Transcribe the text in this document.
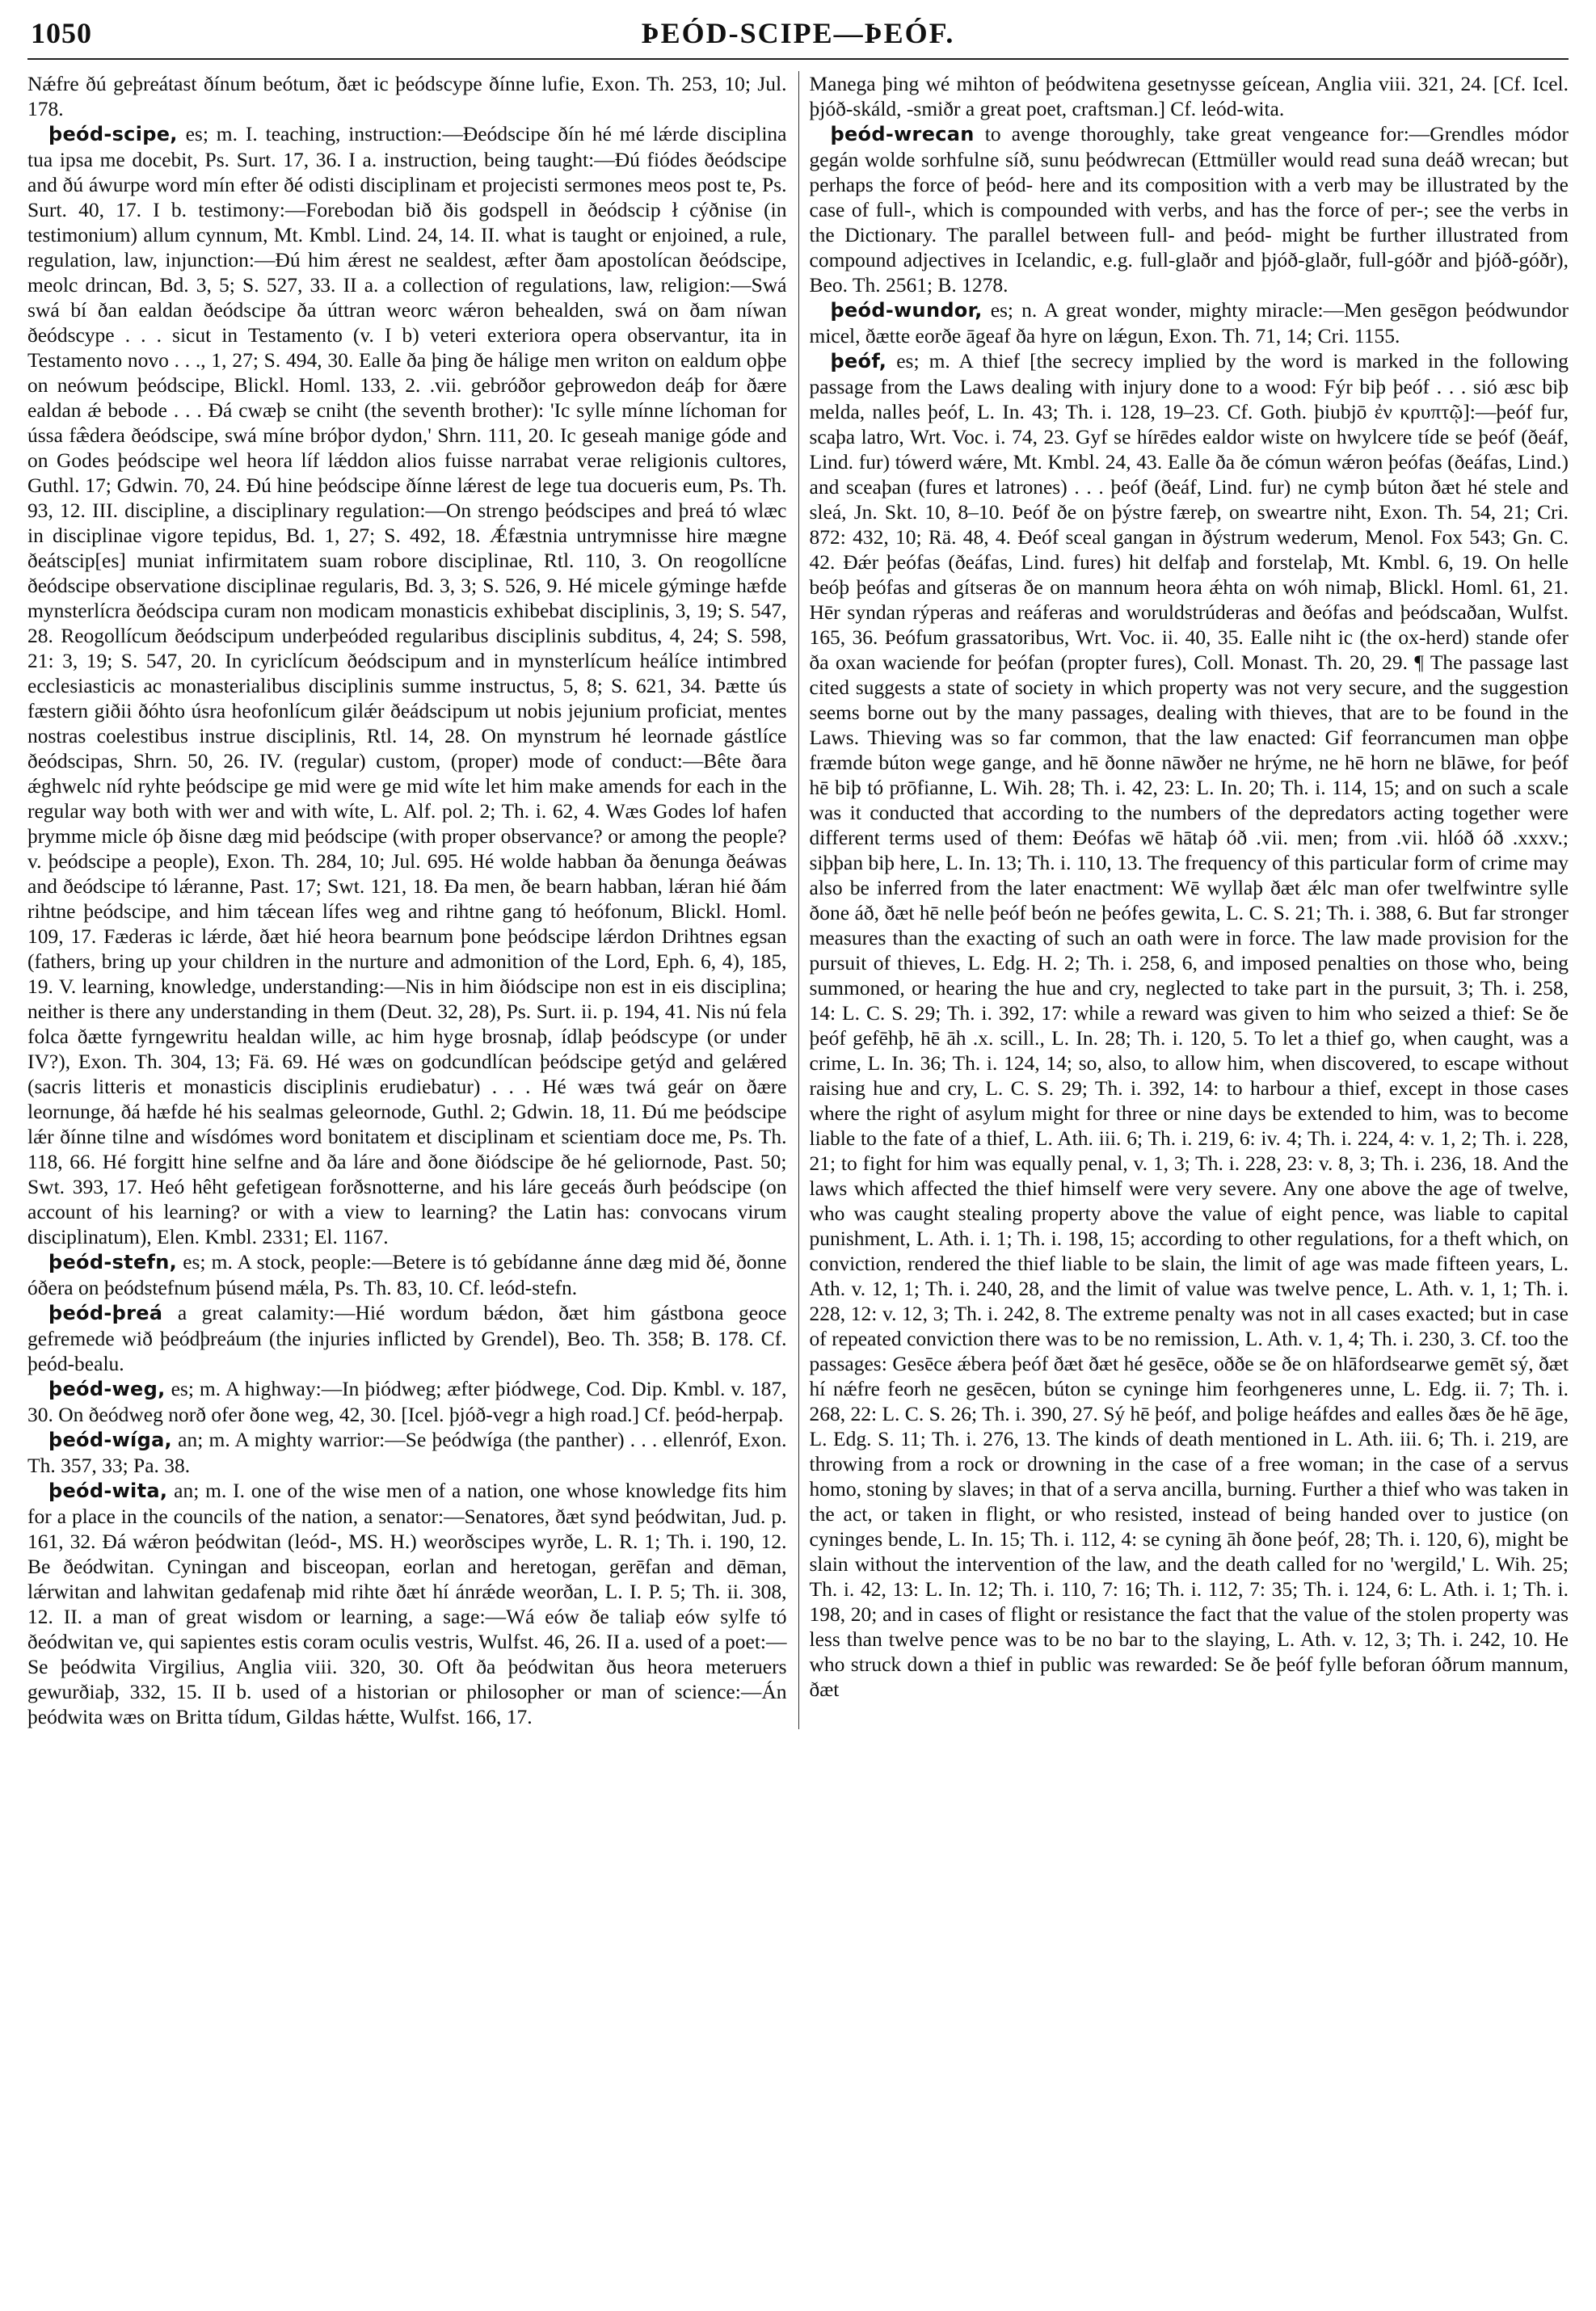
1050	ÞEÓD-SCIPE—ÞEÓF.

Nǽfre ðú geþreátast ðínum beótum, ðæt ic þeódscype ðínne lufie, Exon. Th. 253, 10; Jul. 178.

þeód-scipe, es; m. I. teaching, instruction:—Ðeódscipe ðín hé mé lǽrde disciplina tua ipsa me docebit, Ps. Surt. 17, 36. I a. instruction, being taught:—Ðú fiódes ðeódscipe and ðú áwurpe word mín efter ðé odisti disciplinam et projecisti sermones meos post te, Ps. Surt. 40, 17. I b. testimony:—Forebodan bið ðis godspell in ðeódscip ł cýðnise (in testimonium) allum cynnum, Mt. Kmbl. Lind. 24, 14. II. what is taught or enjoined, a rule, regulation, law, injunction:—Ðú him ǽrest ne sealdest, æfter ðam apostolícan ðeódscipe, meolc drincan, Bd. 3, 5; S. 527, 33. II a. a collection of regulations, law, religion:—Swá swá bí ðan ealdan ðeódscipe ða úttran weorc wǽron behealden, swá on ðam níwan ðeódscype . . . sicut in Testamento (v. I b) veteri exteriora opera observantur, ita in Testamento novo . . ., 1, 27; S. 494, 30. Ealle ða þing ðe hálige men writon on ealdum oþþe on neówum þeódscipe, Blickl. Homl. 133, 2. .vii. gebróðor geþrowedon deáþ for ðære ealdan ǽ bebode . . . Ðá cwæþ se cniht (the seventh brother): 'Ic sylle mínne líchoman for ússa fæ̂dera ðeódscipe, swá míne bróþor dydon,' Shrn. 111, 20. Ic geseah manige góde and on Godes þeódscipe wel heora líf lǽddon alios fuisse narrabat verae religionis cultores, Guthl. 17; Gdwin. 70, 24. Ðú hine þeódscipe ðínne lǽrest de lege tua docueris eum, Ps. Th. 93, 12. III. discipline, a disciplinary regulation:—On strengo þeódscipes and þreá tó wlæc in disciplinae vigore tepidus, Bd. 1, 27; S. 492, 18. Ǽfæstnia untrymnisse hire mægne ðeátscip[es] muniat infirmitatem suam robore disciplinae, Rtl. 110, 3. On reogollícne ðeódscipe observatione disciplinae regularis, Bd. 3, 3; S. 526, 9. Hé micele gýminge hæfde mynsterlícra ðeódscipa curam non modicam monasticis exhibebat disciplinis, 3, 19; S. 547, 28. Reogollícum ðeódscipum underþeóded regularibus disciplinis subditus, 4, 24; S. 598, 21: 3, 19; S. 547, 20. In cyriclícum ðeódscipum and in mynsterlícum heálíce intimbred ecclesiasticis ac monasterialibus disciplinis summe instructus, 5, 8; S. 621, 34. Þætte ús fæstern giðii ðóhto úsra heofonlícum gilǽr ðeádscipum ut nobis jejunium proficiat, mentes nostras coelestibus instrue disciplinis, Rtl. 14, 28. On mynstrum hé leornade gástlíce ðeódscipas, Shrn. 50, 26. IV. (regular) custom, (proper) mode of conduct:—Bête ðara ǽghwelc níd ryhte þeódscipe ge mid were ge mid wíte let him make amends for each in the regular way both with wer and with wíte, L. Alf. pol. 2; Th. i. 62, 4. Wæs Godes lof hafen þrymme micle óþ ðisne dæg mid þeódscipe (with proper observance? or among the people? v. þeódscipe a people), Exon. Th. 284, 10; Jul. 695. Hé wolde habban ða ðenunga ðeáwas and ðeódscipe tó lǽranne, Past. 17; Swt. 121, 18. Ða men, ðe bearn habban, lǽran hié ðám rihtne þeódscipe, and him tǽcean lífes weg and rihtne gang tó heófonum, Blickl. Homl. 109, 17. Fæderas ic lǽrde, ðæt hié heora bearnum þone þeódscipe lǽrdon Drihtnes egsan (fathers, bring up your children in the nurture and admonition of the Lord, Eph. 6, 4), 185, 19. V. learning, knowledge, understanding:—Nis in him ðiódscipe non est in eis disciplina; neither is there any understanding in them (Deut. 32, 28), Ps. Surt. ii. p. 194, 41. Nis nú fela folca ðætte fyrngewritu healdan wille, ac him hyge brosnaþ, ídlaþ þeódscype (or under IV?), Exon. Th. 304, 13; Fä. 69. Hé wæs on godcundlícan þeódscipe getýd and gelǽred (sacris litteris et monasticis disciplinis erudiebatur) . . . Hé wæs twá geár on ðære leornunge, ðá hæfde hé his sealmas geleornode, Guthl. 2; Gdwin. 18, 11. Ðú me þeódscipe lǽr ðínne tilne and wísdómes word bonitatem et disciplinam et scientiam doce me, Ps. Th. 118, 66. Hé forgitt hine selfne and ða láre and ðone ðiódscipe ðe hé geliornode, Past. 50; Swt. 393, 17. Heó hêht gefetigean forðsnotterne, and his láre geceás ðurh þeódscipe (on account of his learning? or with a view to learning? the Latin has: convocans virum disciplinatum), Elen. Kmbl. 2331; El. 1167.

þeód-stefn, es; m. A stock, people:—Betere is tó gebídanne ánne dæg mid ðé, ðonne óðera on þeódstefnum þúsend mǽla, Ps. Th. 83, 10. Cf. leód-stefn.

þeód-þreá a great calamity:—Hié wordum bǽdon, ðæt him gástbona geoce gefremede wið þeódþreáum (the injuries inflicted by Grendel), Beo. Th. 358; B. 178. Cf. þeód-bealu.

þeód-weg, es; m. A highway:—In þiódweg; æfter þiódwege, Cod. Dip. Kmbl. v. 187, 30. On ðeódweg norð ofer ðone weg, 42, 30. [Icel. þjóð-vegr a high road.] Cf. þeód-herpaþ.

þeód-wíga, an; m. A mighty warrior:—Se þeódwíga (the panther) . . . ellenróf, Exon. Th. 357, 33; Pa. 38.

þeód-wita, an; m. I. one of the wise men of a nation, one whose knowledge fits him for a place in the councils of the nation, a senator:—Senatores, ðæt synd þeódwitan, Jud. p. 161, 32. Ðá wǽron þeódwitan (leód-, MS. H.) weorðscipes wyrðe, L. R. 1; Th. i. 190, 12. Be ðeódwitan. Cyningan and bisceopan, eorlan and heretogan, gerēfan and dēman, lǽrwitan and lahwitan gedafenaþ mid rihte ðæt hí ánrǽde weorðan, L. I. P. 5; Th. ii. 308, 12. II. a man of great wisdom or learning, a sage:—Wá eów ðe taliaþ eów sylfe tó ðeódwitan ve, qui sapientes estis coram oculis vestris, Wulfst. 46, 26. II a. used of a poet:—Se þeódwita Virgilius, Anglia viii. 320, 30. Oft ða þeódwitan ðus heora meteruers gewurðiaþ, 332, 15. II b. used of a historian or philosopher or man of science:—Án þeódwita wæs on Britta tídum, Gildas hǽtte, Wulfst. 166, 17.

Manega þing wé mihton of þeódwitena gesetnysse geícean, Anglia viii. 321, 24. [Cf. Icel. þjóð-skáld, -smiðr a great poet, craftsman.] Cf. leód-wita.

þeód-wrecan to avenge thoroughly, take great vengeance for:—Grendles módor gegán wolde sorhfulne síð, sunu þeódwrecan (Ettmüller would read suna deáð wrecan; but perhaps the force of þeód- here and its composition with a verb may be illustrated by the case of full-, which is compounded with verbs, and has the force of per-; see the verbs in the Dictionary. The parallel between full- and þeód- might be further illustrated from compound adjectives in Icelandic, e.g. full-glaðr and þjóð-glaðr, full-góðr and þjóð-góðr), Beo. Th. 2561; B. 1278.

þeód-wundor, es; n. A great wonder, mighty miracle:—Men gesēgon þeódwundor micel, ðætte eorðe āgeaf ða hyre on lǽgun, Exon. Th. 71, 14; Cri. 1155.

þeóf, es; m. A thief [the secrecy implied by the word is marked in the following passage from the Laws dealing with injury done to a wood: Fýr biþ þeóf . . . sió æsc biþ melda, nalles þeóf, L. In. 43; Th. i. 128, 19–23. Cf. Goth. þiubjō ἐν κρυπτῷ]:—þeóf fur, scaþa latro, Wrt. Voc. i. 74, 23. Gyf se hírēdes ealdor wiste on hwylcere tíde se þeóf (ðeáf, Lind. fur) tówerd wǽre, Mt. Kmbl. 24, 43. Ealle ða ðe cómun wǽron þeófas (ðeáfas, Lind.) and sceaþan (fures et latrones) . . . þeóf (ðeáf, Lind. fur) ne cymþ búton ðæt hé stele and sleá, Jn. Skt. 10, 8–10. Þeóf ðe on þýstre færeþ, on sweartre niht, Exon. Th. 54, 21; Cri. 872: 432, 10; Rä. 48, 4. Ðeóf sceal gangan in ðýstrum wederum, Menol. Fox 543; Gn. C. 42. Ðǽr þeófas (ðeáfas, Lind. fures) hit delfaþ and forstelaþ, Mt. Kmbl. 6, 19. On helle beóþ þeófas and gítseras ðe on mannum heora ǽhta on wóh nimaþ, Blickl. Homl. 61, 21. Hēr syndan rýperas and reáferas and woruldstrúderas and ðeófas and þeódscaðan, Wulfst. 165, 36. Þeófum grassatoribus, Wrt. Voc. ii. 40, 35. Ealle niht ic (the ox-herd) stande ofer ða oxan waciende for þeófan (propter fures), Coll. Monast. Th. 20, 29. ¶ The passage last cited suggests a state of society in which property was not very secure, and the suggestion seems borne out by the many passages, dealing with thieves, that are to be found in the Laws. Thieving was so far common, that the law enacted: Gif feorrancumen man oþþe fræmde búton wege gange, and hē ðonne nāwðer ne hrýme, ne hē horn ne blāwe, for þeóf hē biþ tó prōfianne, L. Wih. 28; Th. i. 42, 23: L. In. 20; Th. i. 114, 15; and on such a scale was it conducted that according to the numbers of the depredators acting together were different terms used of them: Ðeófas wē hātaþ óð .vii. men; from .vii. hlóð óð .xxxv.; siþþan biþ here, L. In. 13; Th. i. 110, 13. The frequency of this particular form of crime may also be inferred from the later enactment: Wē wyllaþ ðæt ǽlc man ofer twelfwintre sylle ðone áð, ðæt hē nelle þeóf beón ne þeófes gewita, L. C. S. 21; Th. i. 388, 6. But far stronger measures than the exacting of such an oath were in force. The law made provision for the pursuit of thieves, L. Edg. H. 2; Th. i. 258, 6, and imposed penalties on those who, being summoned, or hearing the hue and cry, neglected to take part in the pursuit, 3; Th. i. 258, 14: L. C. S. 29; Th. i. 392, 17: while a reward was given to him who seized a thief: Se ðe þeóf gefēhþ, hē āh .x. scill., L. In. 28; Th. i. 120, 5. To let a thief go, when caught, was a crime, L. In. 36; Th. i. 124, 14; so, also, to allow him, when discovered, to escape without raising hue and cry, L. C. S. 29; Th. i. 392, 14: to harbour a thief, except in those cases where the right of asylum might for three or nine days be extended to him, was to become liable to the fate of a thief, L. Ath. iii. 6; Th. i. 219, 6: iv. 4; Th. i. 224, 4: v. 1, 2; Th. i. 228, 21; to fight for him was equally penal, v. 1, 3; Th. i. 228, 23: v. 8, 3; Th. i. 236, 18. And the laws which affected the thief himself were very severe. Any one above the age of twelve, who was caught stealing property above the value of eight pence, was liable to capital punishment, L. Ath. i. 1; Th. i. 198, 15; according to other regulations, for a theft which, on conviction, rendered the thief liable to be slain, the limit of age was made fifteen years, L. Ath. v. 12, 1; Th. i. 240, 28, and the limit of value was twelve pence, L. Ath. v. 1, 1; Th. i. 228, 12: v. 12, 3; Th. i. 242, 8. The extreme penalty was not in all cases exacted; but in case of repeated conviction there was to be no remission, L. Ath. v. 1, 4; Th. i. 230, 3. Cf. too the passages: Gesēce ǽbera þeóf ðæt ðæt hé gesēce, oððe se ðe on hlāfordsearwe gemēt sý, ðæt hí nǽfre feorh ne gesēcen, búton se cyninge him feorhgeneres unne, L. Edg. ii. 7; Th. i. 268, 22: L. C. S. 26; Th. i. 390, 27. Sý hē þeóf, and þolige heáfdes and ealles ðæs ðe hē āge, L. Edg. S. 11; Th. i. 276, 13. The kinds of death mentioned in L. Ath. iii. 6; Th. i. 219, are throwing from a rock or drowning in the case of a free woman; in the case of a servus homo, stoning by slaves; in that of a serva ancilla, burning. Further a thief who was taken in the act, or taken in flight, or who resisted, instead of being handed over to justice (on cyninges bende, L. In. 15; Th. i. 112, 4: se cyning āh ðone þeóf, 28; Th. i. 120, 6), might be slain without the intervention of the law, and the death called for no 'wergild,' L. Wih. 25; Th. i. 42, 13: L. In. 12; Th. i. 110, 7: 16; Th. i. 112, 7: 35; Th. i. 124, 6: L. Ath. i. 1; Th. i. 198, 20; and in cases of flight or resistance the fact that the value of the stolen property was less than twelve pence was to be no bar to the slaying, L. Ath. v. 12, 3; Th. i. 242, 10. He who struck down a thief in public was rewarded: Se ðe þeóf fylle beforan óðrum mannum, ðæt
